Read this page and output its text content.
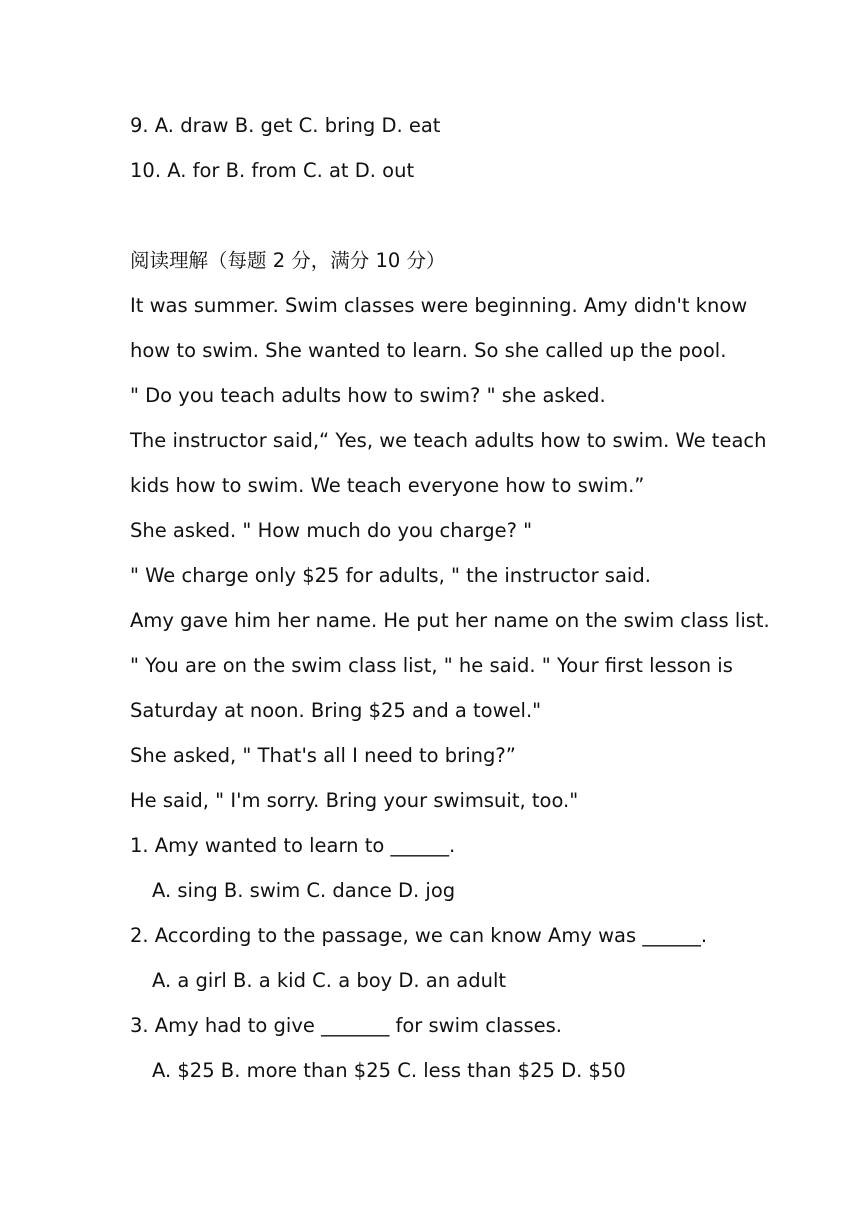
9. A. draw B. get C. bring D. eat
10. A. for B. from C. at D. out
阅读理解（每题 2 分，满分 10 分）
It was summer. Swim classes were beginning. Amy didn't know
how to swim. She wanted to learn. So she called up the pool.
" Do you teach adults how to swim? " she asked.
The instructor said,“ Yes, we teach adults how to swim. We teach
kids how to swim. We teach everyone how to swim.”
She asked. " How much do you charge? "
" We charge only $25 for adults, " the instructor said.
Amy gave him her name. He put her name on the swim class list.
" You are on the swim class list, " he said. " Your first lesson is
Saturday at noon. Bring $25 and a towel."
She asked, " That's all I need to bring?”
He said, " I'm sorry. Bring your swimsuit, too."
1. Amy wanted to learn to ______.
A. sing B. swim C. dance D. jog
2. According to the passage, we can know Amy was ______.
A. a girl B. a kid C. a boy D. an adult
3. Amy had to give _______ for swim classes.
A. $25 B. more than $25 C. less than $25 D. $50
